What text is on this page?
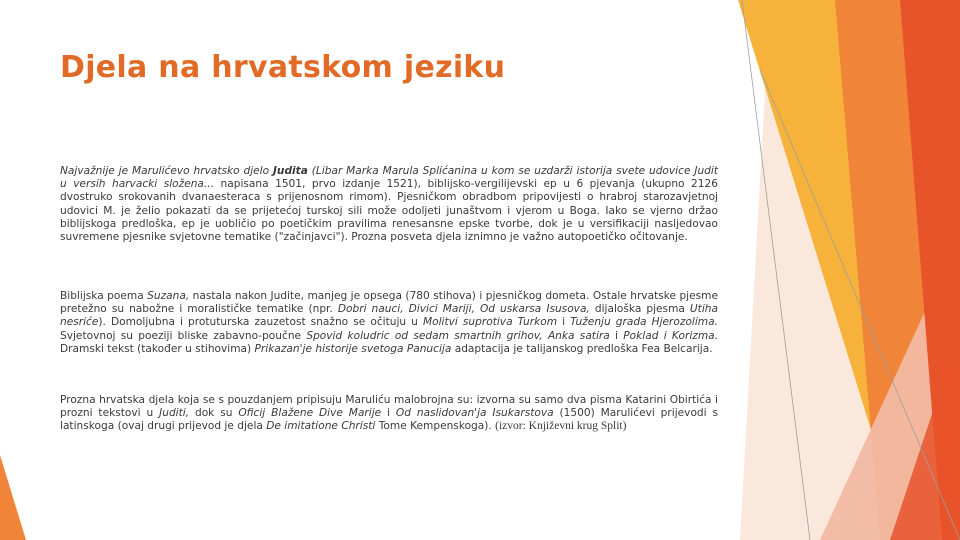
Djela na hrvatskom jeziku

Najvažnije je Marulićevo hrvatsko djelo Judita (Libar Marka Marula Splićanina u kom se uzdarži istorija svete udovice Judit u versih harvacki složena... napisana 1501, prvo izdanje 1521), biblijsko-vergilijevski ep u 6 pjevanja (ukupno 2126 dvostruko srokovanih dvanaesteraca s prijenosnom rimom). Pjesničkom obradbom pripovijesti o hrabroj starozavjetnoj udovici M. je želio pokazati da se prijetećoj turskoj sili može odoljeti junaštvom i vjerom u Boga. Iako se vjerno držao biblijskoga predloška, ep je uobličio po poetičkim pravilima renesansne epske tvorbe, dok je u versifikaciji nasljedovao suvremene pjesnike svjetovne tematike ("začinjavci"). Prozna posveta djela iznimno je važno autopoetičko očitovanje.

Biblijska poema Suzana, nastala nakon Judite, manjeg je opsega (780 stihova) i pjesničkog dometa. Ostale hrvatske pjesme pretežno su nabožne i moralističke tematike (npr. Dobri nauci, Divici Mariji, Od uskarsa Isusova, dijaloška pjesma Utiha nesriće). Domoljubna i protuturska zauzetost snažno se očituju u Molitvi suprotiva Turkom i Tuženju grada Hjerozolima. Svjetovnoj su poeziji bliske zabavno-poučne Spovid koludric od sedam smartnih grihov, Anka satira i Poklad i Korizma. Dramski tekst (također u stihovima) Prikazan'je historije svetoga Panucija adaptacija je talijanskog predloška Fea Belcarija.

Prozna hrvatska djela koja se s pouzdanjem pripisuju Maruliću malobrojna su: izvorna su samo dva pisma Katarini Obirtića i prozni tekstovi u Juditi, dok su Oficij Blažene Dive Marije i Od naslidovan'ja Isukarstova (1500) Marulićevi prijevodi s latinskoga (ovaj drugi prijevod je djela De imitatione Christi Tome Kempenskoga). (izvor: Književni krug Split)
